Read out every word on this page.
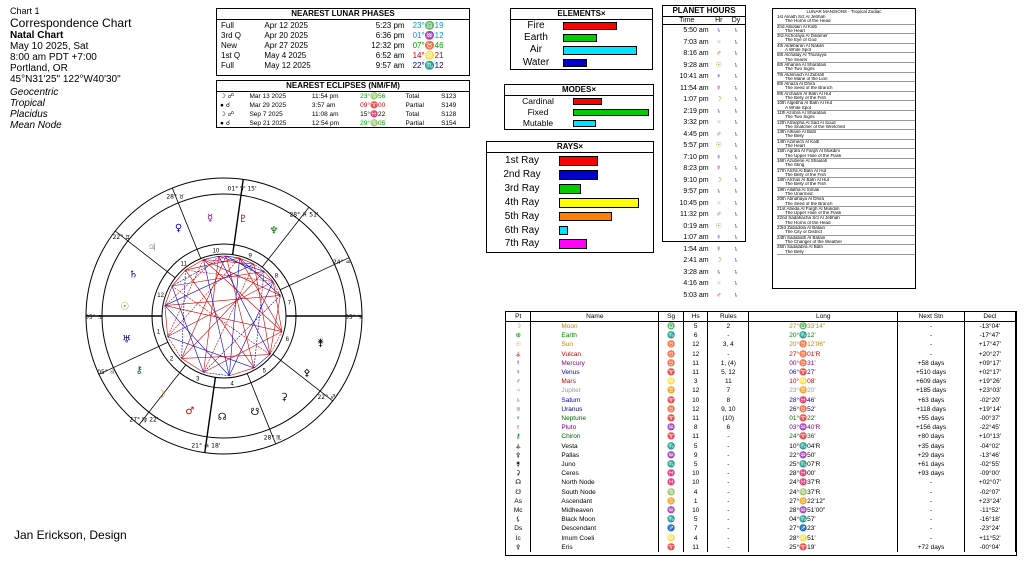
Chart 1
Correspondence Chart
Natal Chart
May 10 2025, Sat
8:00 am PDT +7:00
Portland, OR
45°N31'25" 122°W40'30"
Geocentric
Tropical
Placidus
Mean Node
Jan Erickson, Design
NEAREST LUNAR PHASES
Full	Apr 12 2025	5:23 pm	23°♎19
3rd Q	Apr 20 2025	6:36 pm	01°♒12
New	Apr 27 2025	12:32 pm	07°♉46
1st Q	May 4 2025	6:52 am	14°♌21
Full	May 12 2025	9:57 am	22°♏12
NEAREST ECLIPSES (NM/FM)
☽ ☍	Mar 13 2025	11:54 pm	23°♍56	Total	S123
● ☌	Mar 29 2025	3:57 am	09°♈00	Partial	S149
☽ ☍	Sep 7 2025	11:08 am	15°♓22	Total	S128
● ☌	Sep 21 2025	12:54 pm	29°♍05	Partial	S154
ELEMENTS×
Fire
Earth
Air
Water
MODES×
Cardinal
Fixed
Mutable
RAYS×
1st Ray
2nd Ray
3rd Ray
4th Ray
5th Ray
6th Ray
7th Ray
PLANET HOURS
Time	Hr	Dy
5:50 am	♄	♄
7:03 am	♃	♄
8:16 am	♂	♄
9:28 am	☉	♄
10:41 am	♀	♄
11:54 am	☿	♄
1:07 pm	☽	♄
2:19 pm	♄	♄
3:32 pm	♃	♄
4:45 pm	♂	♄
5:57 pm	☉	♄
7:10 pm	♀	♄
8:23 pm	☿	♄
9:10 pm	☽	♄
9:57 pm	♄	♄
10:45 pm	♃	♄
11:32 pm	♂	♄
0:19 am	☉	♄
1:07 am	♀	♄
1:54 am	☿	♄
2:41 am	☽	♄
3:28 am	♄	♄
4:16 am	♃	♄
5:03 am	♂	♄
LUNAR MANSIONS - Tropical Zodiac
1st Alnath Sct Al Jebhah
The Horns of the Head
2nd Albotain Al Kalb
The Heart
3rd Alchoraya Al Dalamer
The Eye of God
4th Aldebaran Al Nakah
A White Spot
5th Alchatay Al Thurayya
The Searer
6th Alhanna Al Sharatain
The Two Signs
7th Aldimiach Al Zubrah
The Mane of the Lion
8th Alnaza Al Dhira
The Seed of the Branch
9th Archaam Al Batn Al Hut
The Belly of the Fish
10th Algebha Al Batn Al Hut
A White Spot
11th Azobra Al Sharatain
The Two Signs
12th Alzarpha Al Sad Al Suud
The Snatcher of the Wretched
13th Alhaire Al Batn
The Belly
14th Azimech Al Kalb
The Heart
15th Agrafa Al Fargh Al Mukdim
The Upper Hole of the Flask
16th Azubene Al Shaulah
The Sting
17th Alchil Al Batn Al Hut
The Belly of the Fish
18th Alchas Al Batn Al Hut
The Belly of the Fish
19th Allatha Al Simak
The Unarmed
20th Abnahaya Al Dhira
The Seed of the Branch
21st Abeda Al Fargh Al Mukdim
The Upper Hole of the Flask
22nd Sadahacha Sct Al Jebhah
The Horns of the Head
23rd Zabadola Al Batain
The City or District
24th Sadabath Al Batain
The Changer of the Weather
25th Sadalabra Al Batn
The Belly
Pt	Name	Sg	Hs	Rules	Long	Next Stn	Decl
☽	Moon	♎	5	2	27°♎33'14"	-	-13°04'
⊕	Earth	♏	6	-	20°♏12'	-	-17°47'
☉	Sun	♉	12	3, 4	20°♉12'06"	-	+17°47'
⚶	Vulcan	♉	12	-	27°♉01'R	-	+20°27'
☿	Mercury	♉	11	1, (4)	00°♉31'	+58 days	+09°17'
♀	Venus	♈	11	5, 12	06°♈27'	+510 days	+02°17'
♂	Mars	♌	3	11	10°♌08'	+609 days	+19°26'
♃	Jupiter	♊	12	7	23°♊20'	+185 days	+23°03'
♄	Saturn	♈	10	8	28°♓46'	+63 days	-02°20'
♅	Uranus	♉	12	9, 10	26°♉52'	+118 days	+19°14'
♆	Neptune	♈	11	(10)	01°♈22'	+55 days	-00°37'
♇	Pluto	♒	8	6	03°♒40'R	+156 days	-22°45'
⚷	Chiron	♈	11	-	24°♈36'	+80 days	+10°13'
⚶	Vesta	♏	5	-	10°♏04'R	+35 days	-04°02'
⚴	Pallas	♒	9	-	22°♒50'	+29 days	-13°46'
⚵	Juno	♏	5	-	25°♏07'R	+61 days	-02°55'
⚳	Ceres	♓	10	-	28°♓00'	+93 days	-09°00'
☊	North Node	♓	10	-	24°♓37'R	-	+02°07'
☋	South Node	♍	4	-	24°♍37'R	-	-02°07'
As	Ascendant	♊	1	-	27°♊22'12"	-	+23°24'
Mc	Midheaven	♒	10	-	28°♒51'00"	-	-11°52'
⚸	Black Moon	♏	5	-	04°♏57'	-	-16°18'
Ds	Descendant	♐	7	-	27°♐23'	-	-23°24'
Ic	Imum Coeli	♌	4	-	28°♌51'	-	+11°52'
⚴	Eris	♈	11	-	25°♈19'	+72 days	-00°04'
1
2
3
4
5
6
7
8
9
10
11
12
01° ♈ 15'
28° ♉
22° ♊
05° ♋
05° ♌
27° ♍ 22'
21° ♎ 18'
28° ♏
22° ♐
05° ♑
24° ♒
28° ♓ 51'
♆
♇
☿
♀
♃
♄
☉
♅
⚷
☽
♂
☊ ☋
⚳
⚴
⚵
